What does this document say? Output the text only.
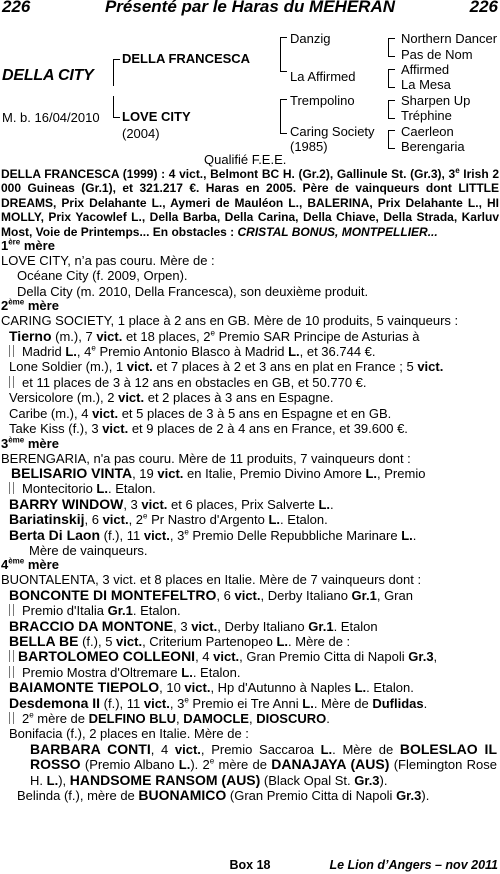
226	Présenté par le Haras du MEHERAN	226
DELLA CITY
M. b. 16/04/2010
DELLA FRANCESCA
LOVE CITY
(2004)
Danzig
La Affirmed
Trempolino
Caring Society
(1985)
Northern Dancer
Pas de Nom
Affirmed
La Mesa
Sharpen Up
Tréphine
Caerleon
Berengaria
Qualifié F.E.E.

DELLA FRANCESCA (1999) : 4 vict., Belmont BC H. (Gr.2), Gallinule St. (Gr.3), 3e Irish 2 000 Guineas (Gr.1), et 321.217 €. Haras en 2005. Père de vainqueurs dont LITTLE DREAMS, Prix Delahante L., Aymeri de Mauléon L., BALERINA, Prix Delahante L., HI MOLLY, Prix Yacowlef L., Della Barba, Della Carina, Della Chiave, Della Strada, Karluv Most, Voie de Printemps... En obstacles : CRISTAL BONUS, MONTPELLIER...

1ère mère

LOVE CITY, n’a pas couru. Mère de :

Océane City (f. 2009, Orpen).

Della City (m. 2010, Della Francesca), son deuxième produit.

2ème mère

CARING SOCIETY, 1 place à 2 ans en GB. Mère de 10 produits, 5 vainqueurs :

Tierno (m.), 7 vict. et 18 places, 2e Premio SAR Principe de Asturias à

Madrid L., 4e Premio Antonio Blasco à Madrid L., et 36.744 €.

Lone Soldier (m.), 1 vict. et 7 places à 2 et 3 ans en plat en France ; 5 vict.

et 11 places de 3 à 12 ans en obstacles en GB, et 50.770 €.

Versicolore (m.), 2 vict. et 2 places à 3 ans en Espagne.

Caribe (m.), 4 vict. et 5 places de 3 à 5 ans en Espagne et en GB.

Take Kiss (f.), 3 vict. et 9 places de 2 à 4 ans en France, et 39.600 €.

3ème mère

BERENGARIA, n'a pas couru. Mère de 11 produits, 7 vainqueurs dont :

BELISARIO VINTA, 19 vict. en Italie, Premio Divino Amore L., Premio

Montecitorio L.. Etalon.

BARRY WINDOW, 3 vict. et 6 places, Prix Salverte L..

Bariatinskij, 6 vict., 2e Pr Nastro d'Argento L.. Etalon.

Berta Di Laon (f.), 11 vict., 3e Premio Delle Repubbliche Marinare L..

Mère de vainqueurs.

4ème mère

BUONTALENTA, 3 vict. et 8 places en Italie. Mère de 7 vainqueurs dont :

BONCONTE DI MONTEFELTRO, 6 vict., Derby Italiano Gr.1, Gran

Premio d'Italia Gr.1. Etalon.

BRACCIO DA MONTONE, 3 vict., Derby Italiano Gr.1. Etalon

BELLA BE (f.), 5 vict., Criterium Partenopeo L.. Mère de :

BARTOLOMEO COLLEONI, 4 vict., Gran Premio Citta di Napoli Gr.3,

Premio Mostra d'Oltremare L.. Etalon.

BAIAMONTE TIEPOLO, 10 vict., Hp d'Autunno à Naples L.. Etalon.

Desdemona II (f.), 11 vict., 3e Premio ei Tre Anni L.. Mère de Duflidas.

2e mère de DELFINO BLU, DAMOCLE, DIOSCURO.

Bonifacia (f.), 2 places en Italie. Mère de :

BARBARA CONTI, 4 vict., Premio Saccaroa L.. Mère de BOLESLAO IL ROSSO (Premio Albano L.). 2e mère de DANAJAYA (AUS) (Flemington Rose H. L.), HANDSOME RANSOM (AUS) (Black Opal St. Gr.3).

Belinda (f.), mère de BUONAMICO (Gran Premio Citta di Napoli Gr.3).

Box 18	Le Lion d’Angers – nov 2011
